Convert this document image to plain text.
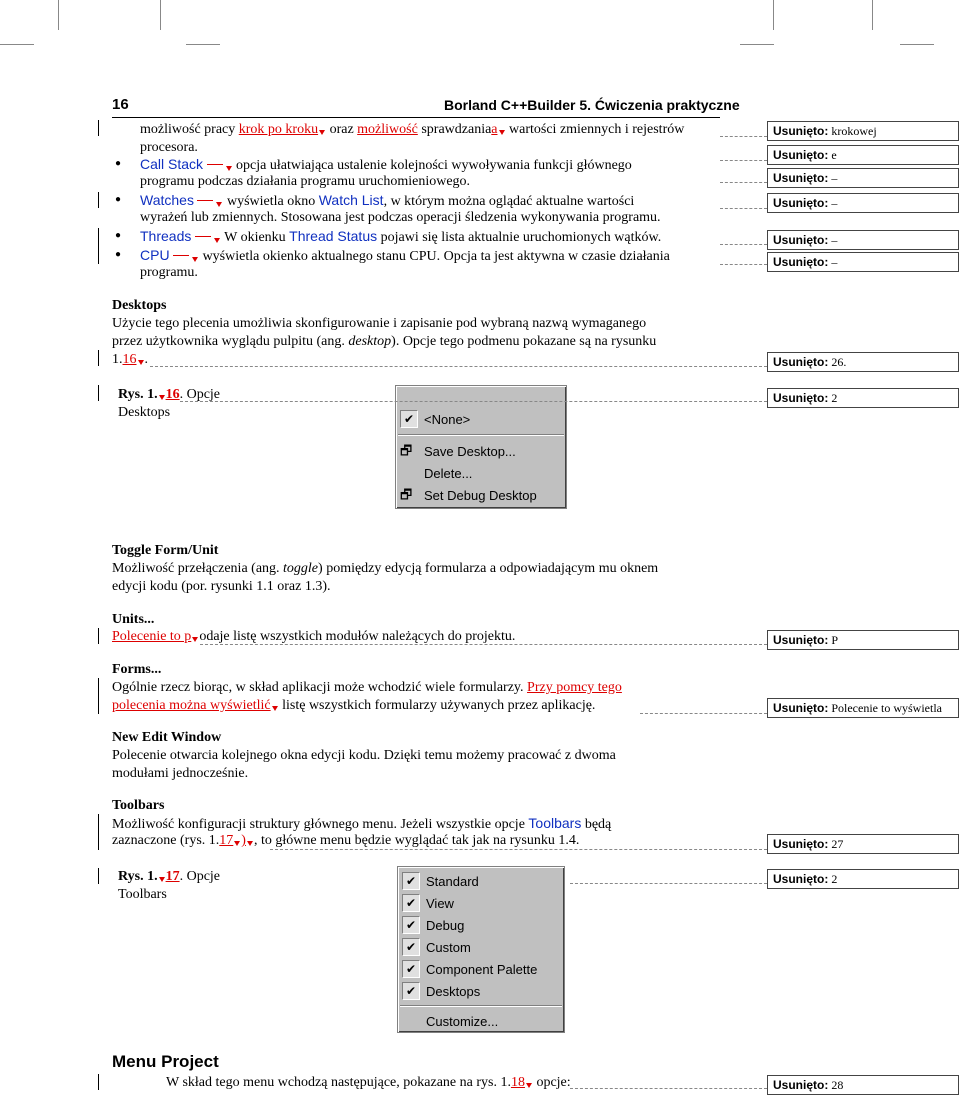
16	Borland C++Builder 5. Ćwiczenia praktyczne
możliwość pracy krok po kroku oraz możliwość sprawdzaniaa wartości zmiennych i rejestrów
procesora.
● Call Stack  opcja ułatwiająca ustalenie kolejności wywoływania funkcji głównego
programu podczas działania programu uruchomieniowego.
● Watches  wyświetla okno Watch List, w którym można oglądać aktualne wartości
wyrażeń lub zmiennych. Stosowana jest podczas operacji śledzenia wykonywania programu.
● Threads  W okienku Thread Status pojawi się lista aktualnie uruchomionych wątków.
● CPU  wyświetla okienko aktualnego stanu CPU. Opcja ta jest aktywna w czasie działania
programu.
Desktops
Użycie tego plecenia umożliwia skonfigurowanie i zapisanie pod wybraną nazwą wymaganego
przez użytkownika wyglądu pulpitu (ang. desktop). Opcje tego podmenu pokazane są na rysunku
1.16 .
Rys. 1. 16. Opcje
Desktops	✔ <None>
🗗 Save Desktop...
Delete...
🗗 Set Debug Desktop
Toggle Form/Unit
Możliwość przełączenia (ang. toggle) pomiędzy edycją formularza a odpowiadającym mu oknem
edycji kodu (por. rysunki 1.1 oraz 1.3).
Units...
Polecenie to p odaje listę wszystkich modułów należących do projektu.
Forms...
Ogólnie rzecz biorąc, w skład aplikacji może wchodzić wiele formularzy. Przy pomcy tego
polecenia można wyświetlić listę wszystkich formularzy używanych przez aplikację.
New Edit Window
Polecenie otwarcia kolejnego okna edycji kodu. Dzięki temu możemy pracować z dwoma
modułami jednocześnie.
Toolbars
Możliwość konfiguracji struktury głównego menu. Jeżeli wszystkie opcje Toolbars będą
zaznaczone (rys. 1.17 ) , to główne menu będzie wyglądać tak jak na rysunku 1.4.
Rys. 1. 17. Opcje
Toolbars
✔ Standard
✔ View
✔ Debug
✔ Custom
✔ Component Palette
✔ Desktops
Customize...
Menu Project
W skład tego menu wchodzą następujące, pokazane na rys. 1.18 opcje:
Usunięto: krokowej
Usunięto: e
Usunięto: –
Usunięto: –
Usunięto: –
Usunięto: –
Usunięto: 26.
Usunięto: 2
Usunięto: P
Usunięto: Polecenie to wyświetla
Usunięto: 27
Usunięto: 2
Usunięto: 28
